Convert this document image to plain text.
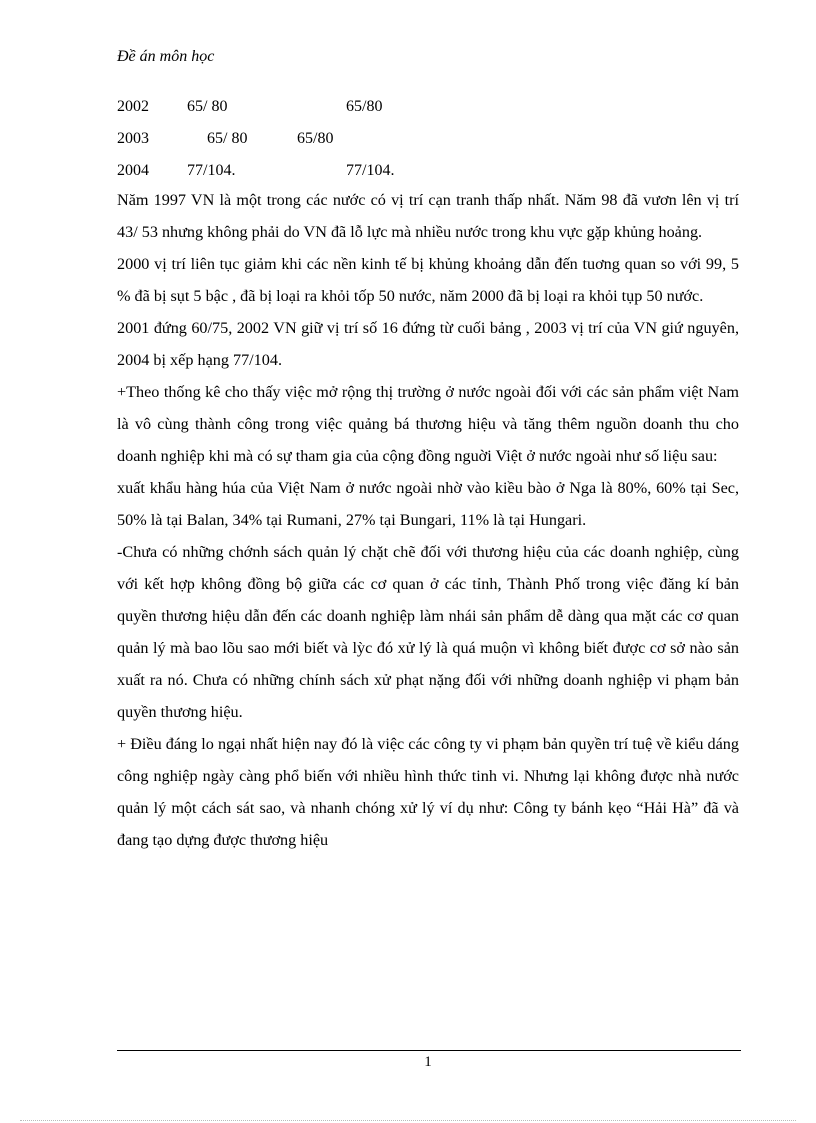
Đề án môn học
2002 65/ 80	65/80
2003	65/ 80	65/80
2004 77/104.	77/104.

Năm 1997 VN là một trong các nước có vị trí cạn tranh thấp nhất. Năm 98 đã vươn lên vị trí 43/ 53 nhưng không phải do VN đã lỗ lực mà nhiều nước trong khu vực gặp khủng hoảng.

2000 vị trí liên tục giảm khi các nền kinh tế bị khủng khoảng dẫn đến tuơng quan so với 99, 5 % đã bị sụt 5 bậc , đã bị loại ra khỏi tốp 50 nước, năm 2000 đã bị loại ra khỏi tụp 50 nước.

2001 đứng 60/75, 2002 VN giữ vị trí số 16 đứng từ cuối bảng , 2003 vị trí của VN giứ nguyên, 2004 bị xếp hạng 77/104.

+Theo thống kê cho thấy việc mở rộng thị trường ở nước ngoài đối với các sản phẩm việt Nam là vô cùng thành công trong việc quảng bá thương hiệu và tăng thêm nguồn doanh thu cho doanh nghiệp khi mà có sự tham gia của cộng đồng nguời Việt ở nước ngoài như số liệu sau:

xuất khẩu hàng húa của Việt Nam ở nước ngoài nhờ vào kiều bào ở Nga là 80%, 60% tại Sec, 50% là tại Balan, 34% tại Rumani, 27% tại Bungari, 11% là tại Hungari.

-Chưa có những chớnh sách quản lý chặt chẽ đối với thương hiệu của các doanh nghiệp, cùng với kết hợp không đồng bộ giữa các cơ quan ở các tỉnh, Thành Phố trong việc đăng kí bản quyền thương hiệu dẫn đến các doanh nghiệp làm nhái sản phẩm dễ dàng qua mặt các cơ quan quản lý mà bao lõu sao mới biết và lỳc đó xử lý là quá muộn vì không biết được cơ sở nào sản xuất ra nó. Chưa có những chính sách xử phạt nặng đối với những doanh nghiệp vi phạm bản quyền thương hiệu.

+ Điều đáng lo ngại nhất hiện nay đó là việc các công ty vi phạm bản quyền trí tuệ về kiểu dáng công nghiệp ngày càng phổ biến với nhiều hình thức tinh vi. Nhưng lại không được nhà nước quản lý một cách sát sao, và nhanh chóng xử lý ví dụ như: Công ty bánh kẹo “Hải Hà” đã và đang tạo dựng được thương hiệu

1
